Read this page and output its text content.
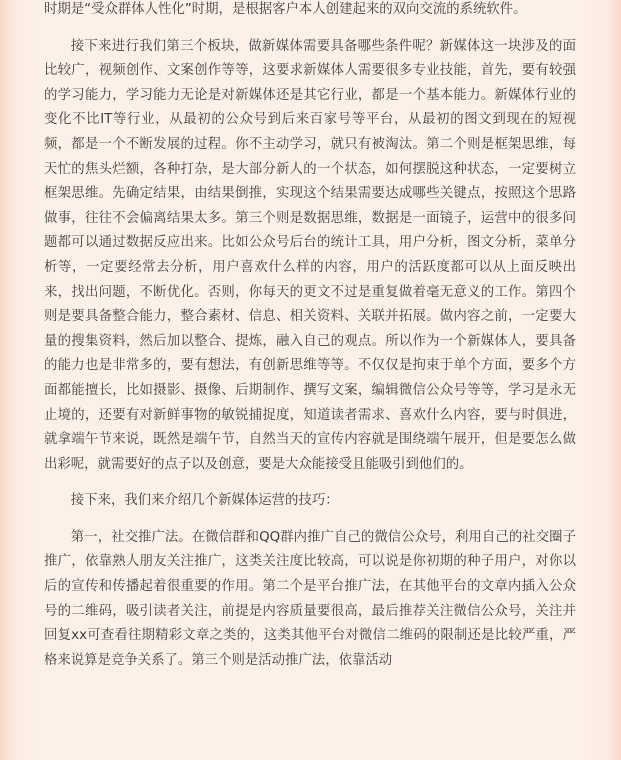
时期是“受众群体人性化”时期，是根据客户本人创建起来的双向交流的系统软件。

接下来进行我们第三个板块，做新媒体需要具备哪些条件呢？新媒体这一块涉及的面比较广，视频创作、文案创作等等，这要求新媒体人需要很多专业技能，首先，要有较强的学习能力，学习能力无论是对新媒体还是其它行业，都是一个基本能力。新媒体行业的变化不比IT等行业，从最初的公众号到后来百家号等平台，从最初的图文到现在的短视频，都是一个不断发展的过程。你不主动学习，就只有被淘汰。第二个则是框架思维，每天忙的焦头烂额，各种打杂，是大部分新人的一个状态，如何摆脱这种状态，一定要树立框架思维。先确定结果，由结果倒推，实现这个结果需要达成哪些关键点，按照这个思路做事，往往不会偏离结果太多。第三个则是数据思维，数据是一面镜子，运营中的很多问题都可以通过数据反应出来。比如公众号后台的统计工具，用户分析，图文分析，菜单分析等，一定要经常去分析，用户喜欢什么样的内容，用户的活跃度都可以从上面反映出来，找出问题，不断优化。否则，你每天的更文不过是重复做着毫无意义的工作。第四个则是要具备整合能力，整合素材、信息、相关资料、关联并拓展。做内容之前，一定要大量的搜集资料，然后加以整合、提炼，融入自己的观点。所以作为一个新媒体人，要具备的能力也是非常多的，要有想法，有创新思维等等。不仅仅是拘束于单个方面，要多个方面都能擅长，比如摄影、摄像、后期制作、撰写文案，编辑微信公众号等等，学习是永无止境的，还要有对新鲜事物的敏锐捕捉度，知道读者需求、喜欢什么内容，要与时俱进，就拿端午节来说，既然是端午节，自然当天的宣传内容就是围绕端午展开，但是要怎么做出彩呢，就需要好的点子以及创意，要是大众能接受且能吸引到他们的。

接下来，我们来介绍几个新媒体运营的技巧：

第一，社交推广法。在微信群和QQ群内推广自己的微信公众号，利用自己的社交圈子推广，依靠熟人朋友关注推广，这类关注度比较高，可以说是你初期的种子用户，对你以后的宣传和传播起着很重要的作用。第二个是平台推广法，在其他平台的文章内插入公众号的二维码，吸引读者关注，前提是内容质量要很高，最后推荐关注微信公众号，关注并回复xx可查看往期精彩文章之类的，这类其他平台对微信二维码的限制还是比较严重，严格来说算是竞争关系了。第三个则是活动推广法，依靠活动
